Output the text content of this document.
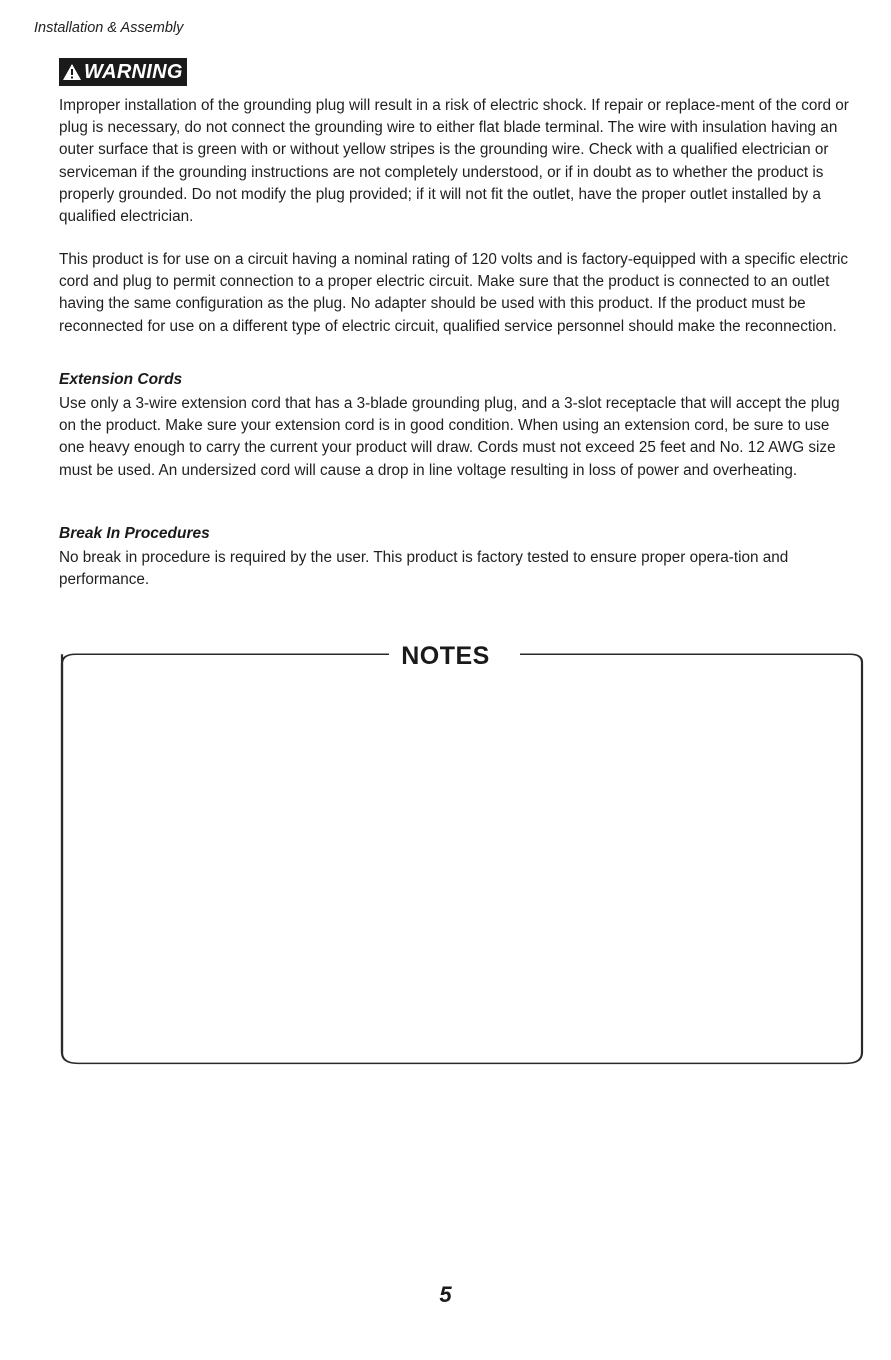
Installation & Assembly
WARNING

Improper installation of the grounding plug will result in a risk of electric shock. If repair or replace-ment of the cord or plug is necessary, do not connect the grounding wire to either flat blade terminal. The wire with insulation having an outer surface that is green with or without yellow stripes is the grounding wire. Check with a qualified electrician or serviceman if the grounding instructions are not completely understood, or if in doubt as to whether the product is properly grounded. Do not modify the plug provided; if it will not fit the outlet, have the proper outlet installed by a qualified electrician.

This product is for use on a circuit having a nominal rating of 120 volts and is factory-equipped with a specific electric cord and plug to permit connection to a proper electric circuit. Make sure that the product is connected to an outlet having the same configuration as the plug. No adapter should be used with this product. If the product must be reconnected for use on a different type of electric circuit, qualified service personnel should make the reconnection.

Extension Cords

Use only a 3-wire extension cord that has a 3-blade grounding plug, and a 3-slot receptacle that will accept the plug on the product. Make sure your extension cord is in good condition. When using an extension cord, be sure to use one heavy enough to carry the current your product will draw. Cords must not exceed 25 feet and No. 12 AWG size must be used. An undersized cord will cause a drop in line voltage resulting in loss of power and overheating.

Break In Procedures

No break in procedure is required by the user. This product is factory tested to ensure proper opera-tion and performance.

NOTES
5
